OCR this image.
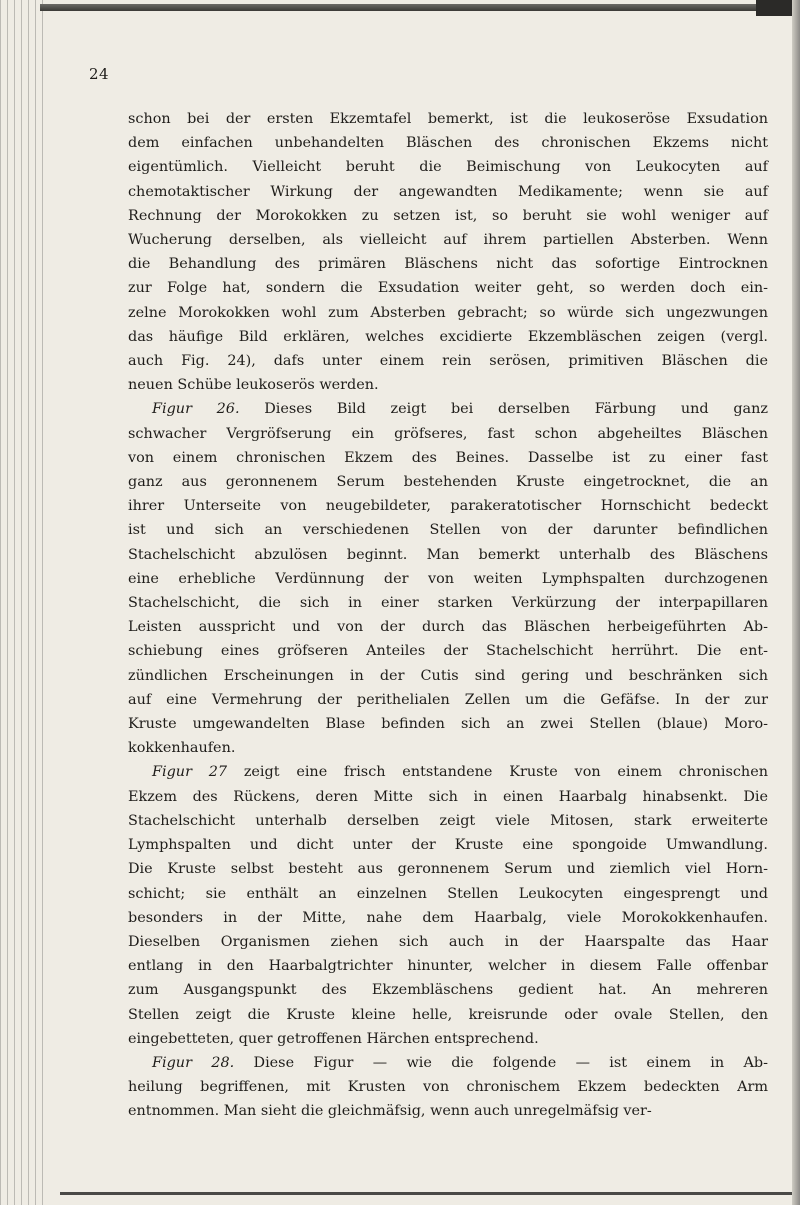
24

schon bei der ersten Ekzemtafel bemerkt, ist die leukoseröse Exsudation
dem einfachen unbehandelten Bläschen des chronischen Ekzems nicht
eigentümlich. Vielleicht beruht die Beimischung von Leukocyten auf
chemotaktischer Wirkung der angewandten Medikamente; wenn sie auf
Rechnung der Morokokken zu setzen ist, so beruht sie wohl weniger auf
Wucherung derselben, als vielleicht auf ihrem partiellen Absterben. Wenn
die Behandlung des primären Bläschens nicht das sofortige Eintrocknen
zur Folge hat, sondern die Exsudation weiter geht, so werden doch ein-
zelne Morokokken wohl zum Absterben gebracht; so würde sich ungezwungen
das häufige Bild erklären, welches excidierte Ekzembläschen zeigen (vergl.
auch Fig. 24), dafs unter einem rein serösen, primitiven Bläschen die
neuen Schübe leukoserös werden.

Figur 26. Dieses Bild zeigt bei derselben Färbung und ganz
schwacher Vergröfserung ein gröfseres, fast schon abgeheiltes Bläschen
von einem chronischen Ekzem des Beines. Dasselbe ist zu einer fast
ganz aus geronnenem Serum bestehenden Kruste eingetrocknet, die an
ihrer Unterseite von neugebildeter, parakeratotischer Hornschicht bedeckt
ist und sich an verschiedenen Stellen von der darunter befindlichen
Stachelschicht abzulösen beginnt. Man bemerkt unterhalb des Bläschens
eine erhebliche Verdünnung der von weiten Lymphspalten durchzogenen
Stachelschicht, die sich in einer starken Verkürzung der interpapillaren
Leisten ausspricht und von der durch das Bläschen herbeigeführten Ab-
schiebung eines gröfseren Anteiles der Stachelschicht herrührt. Die ent-
zündlichen Erscheinungen in der Cutis sind gering und beschränken sich
auf eine Vermehrung der perithelialen Zellen um die Gefäfse. In der zur
Kruste umgewandelten Blase befinden sich an zwei Stellen (blaue) Moro-
kokkenhaufen.

Figur 27 zeigt eine frisch entstandene Kruste von einem chronischen
Ekzem des Rückens, deren Mitte sich in einen Haarbalg hinabsenkt. Die
Stachelschicht unterhalb derselben zeigt viele Mitosen, stark erweiterte
Lymphspalten und dicht unter der Kruste eine spongoide Umwandlung.
Die Kruste selbst besteht aus geronnenem Serum und ziemlich viel Horn-
schicht; sie enthält an einzelnen Stellen Leukocyten eingesprengt und
besonders in der Mitte, nahe dem Haarbalg, viele Morokokkenhaufen.
Dieselben Organismen ziehen sich auch in der Haarspalte das Haar
entlang in den Haarbalgtrichter hinunter, welcher in diesem Falle offenbar
zum Ausgangspunkt des Ekzembläschens gedient hat. An mehreren
Stellen zeigt die Kruste kleine helle, kreisrunde oder ovale Stellen, den
eingebetteten, quer getroffenen Härchen entsprechend.

Figur 28. Diese Figur — wie die folgende — ist einem in Ab-
heilung begriffenen, mit Krusten von chronischem Ekzem bedeckten Arm
entnommen. Man sieht die gleichmäfsig, wenn auch unregelmäfsig ver-
